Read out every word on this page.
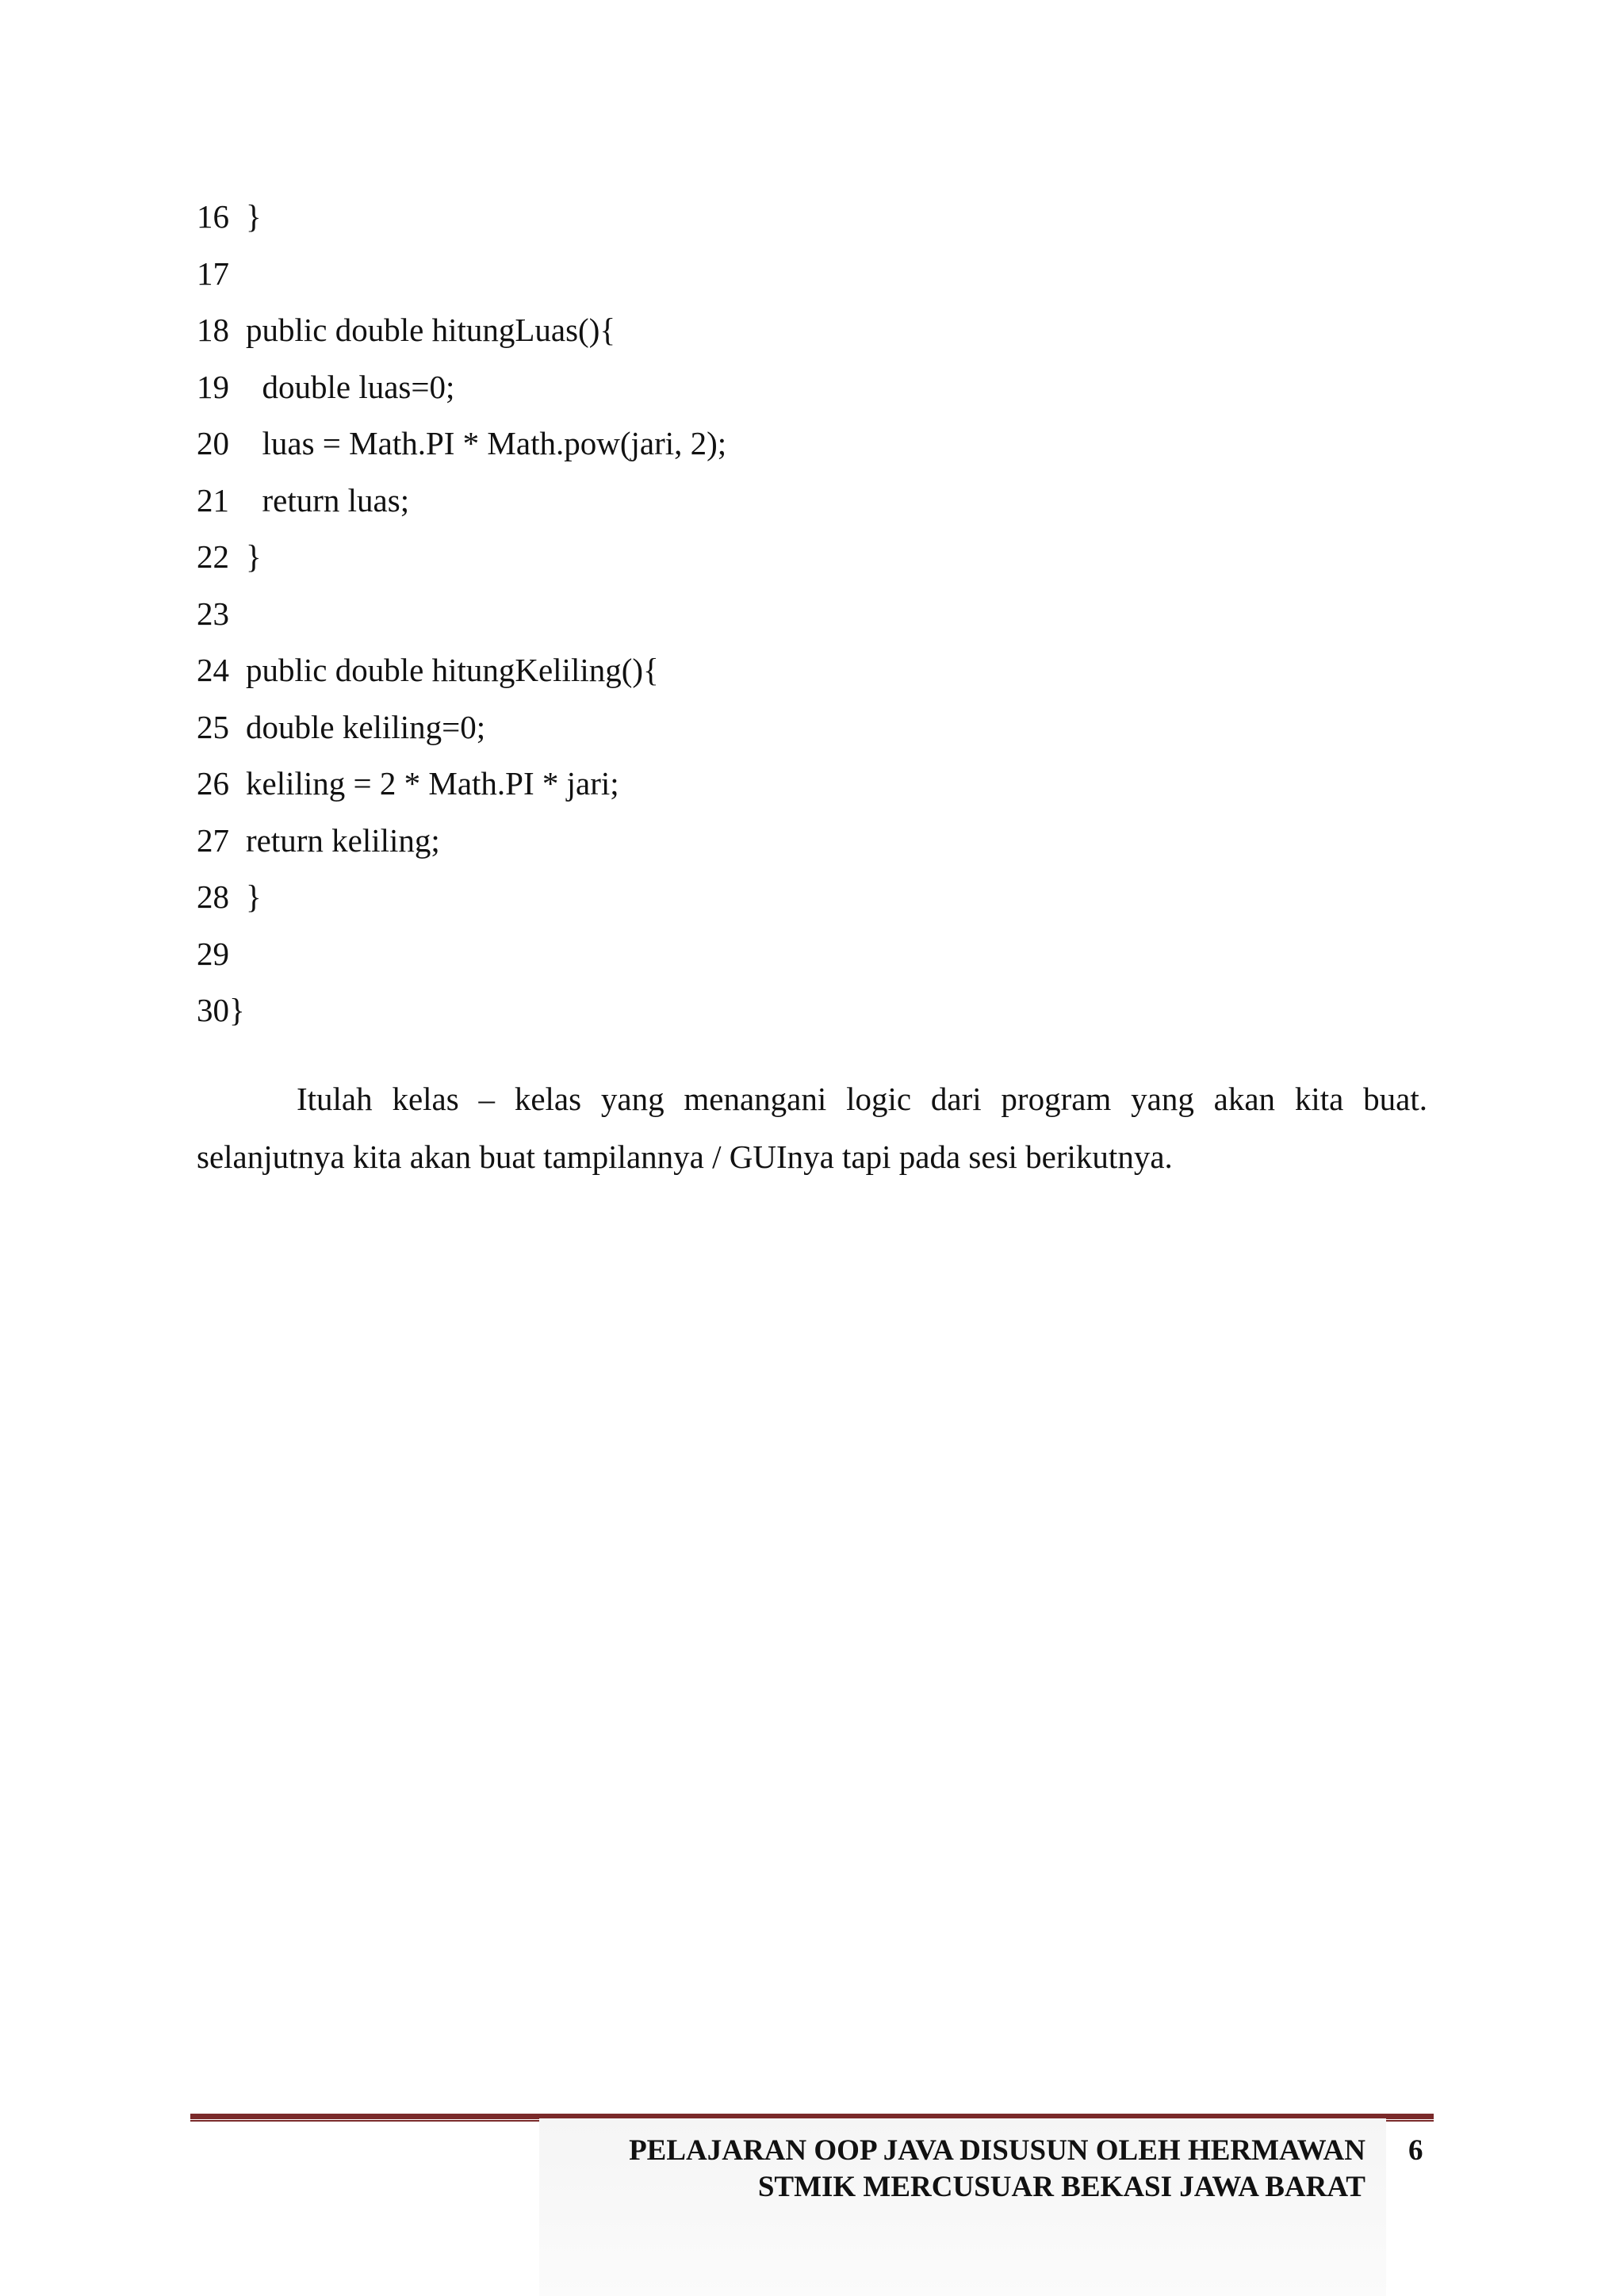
16 }
17
18 public double hitungLuas(){
19  double luas=0;
20  luas = Math.PI * Math.pow(jari, 2);
21  return luas;
22 }
23
24 public double hitungKeliling(){
25 double keliling=0;
26 keliling = 2 * Math.PI * jari;
27 return keliling;
28 }
29
30}

Itulah kelas – kelas yang menangani logic dari program yang akan kita buat. selanjutnya kita akan buat tampilannya / GUInya tapi pada sesi berikutnya.

PELAJARAN OOP JAVA DISUSUN OLEH HERMAWAN
STMIK MERCUSUAR BEKASI JAWA BARAT
6
